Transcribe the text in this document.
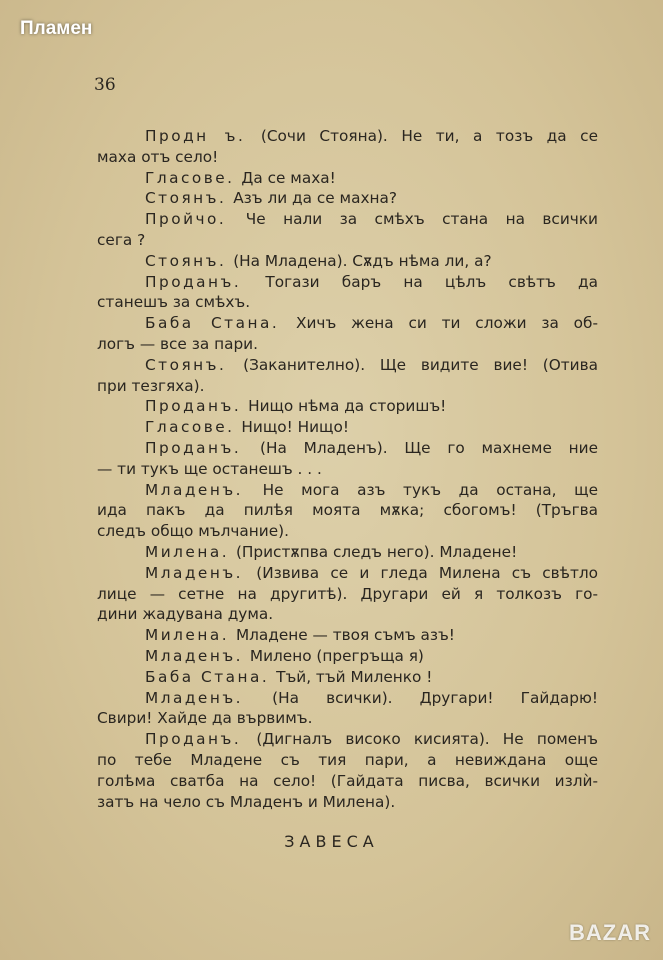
Пламен
36
Продн ъ. (Сочи Стояна). Не ти, а тозъ да се
маха отъ село!
Гласове. Да се маха!
Стоянъ. Азъ ли да се махна?
Пройчо. Че нали за смѣхъ стана на всички
сега ?
Стоянъ. (На Младена). Сѫдъ нѣма ли, а?
Проданъ. Тогази баръ на цѣлъ свѣтъ да
станешъ за смѣхъ.
Баба Стана. Хичъ жена си ти сложи за об-
логъ — все за пари.
Стоянъ. (Заканително). Ще видите вие! (Отива
при тезгяха).
Проданъ. Нищо нѣма да сторишъ!
Гласове. Нищо! Нищо!
Проданъ. (На Младенъ). Ще го махнеме ние
— ти тукъ ще останешъ . . .
Младенъ. Не мога азъ тукъ да остана, ще
ида пакъ да пилѣя моята мѫка; сбогомъ! (Тръгва
следъ общо мълчание).
Милена. (Пристѫпва следъ него). Младене!
Младенъ. (Извива се и гледа Милена съ свѣтло
лице — сетне на другитѣ). Другари ей я толкозъ го-
дини жадувана дума.
Милена. Младене — твоя съмъ азъ!
Младенъ. Милено (прегръща я)
Баба Стана. Тъй, тъй Миленко !
Младенъ. (На всички). Другари! Гайдарю!
Свири! Хайде да вървимъ.
Проданъ. (Дигналъ високо кисията). Не поменъ
по тебе Младене съ тия пари, а невиждана още
голѣма сватба на село! (Гайдата писва, всички излѝ-
затъ на чело съ Младенъ и Милена).
ЗАВЕСА
BAZAR
